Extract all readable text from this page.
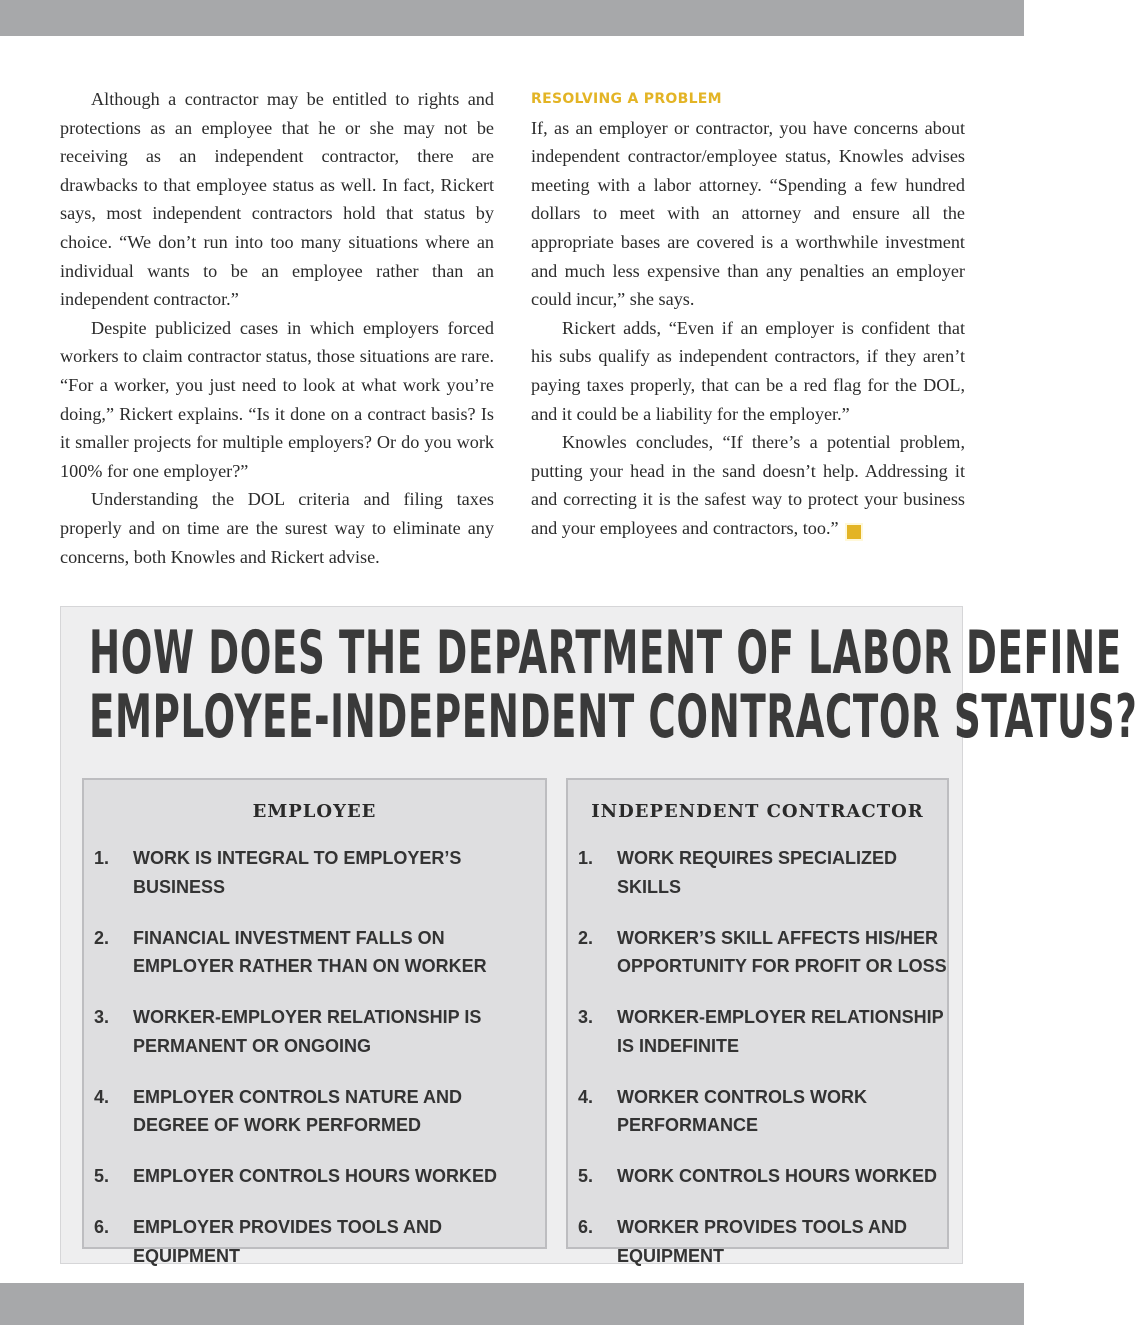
Although a contractor may be entitled to rights and protections as an employee that he or she may not be receiving as an independent contractor, there are drawbacks to that employee status as well. In fact, Rickert says, most independent contractors hold that status by choice. “We don’t run into too many situations where an individual wants to be an employee rather than an independent contractor.”

Despite publicized cases in which employers forced workers to claim contractor status, those situations are rare. “For a worker, you just need to look at what work you’re doing,” Rickert explains. “Is it done on a contract basis? Is it smaller projects for multiple employers? Or do you work 100% for one employer?”

Understanding the DOL criteria and filing taxes properly and on time are the surest way to eliminate any concerns, both Knowles and Rickert advise.

RESOLVING A PROBLEM

If, as an employer or contractor, you have concerns about independent contractor/employee status, Knowles advises meeting with a labor attorney. “Spending a few hundred dollars to meet with an attorney and ensure all the appropriate bases are covered is a worthwhile investment and much less expensive than any penalties an employer could incur,” she says.

Rickert adds, “Even if an employer is confident that his subs qualify as independent contractors, if they aren’t paying taxes properly, that can be a red flag for the DOL, and it could be a liability for the employer.”

Knowles concludes, “If there’s a potential problem, putting your head in the sand doesn’t help. Addressing it and correcting it is the safest way to protect your business and your employees and contractors, too.”	B

HOW DOES THE DEPARTMENT OF LABOR DEFINE
EMPLOYEE-INDEPENDENT CONTRACTOR STATUS?
EMPLOYEE
1.	WORK IS INTEGRAL TO EMPLOYER’S BUSINESS
2.	FINANCIAL INVESTMENT FALLS ON EMPLOYER RATHER THAN ON WORKER
3.	WORKER-EMPLOYER RELATIONSHIP IS PERMANENT OR ONGOING
4.	EMPLOYER CONTROLS NATURE AND DEGREE OF WORK PERFORMED
5.	EMPLOYER CONTROLS HOURS WORKED
6.	EMPLOYER PROVIDES TOOLS AND EQUIPMENT
INDEPENDENT CONTRACTOR
1.	WORK REQUIRES SPECIALIZED SKILLS
2.	WORKER’S SKILL AFFECTS HIS/HER OPPORTUNITY FOR PROFIT OR LOSS
3.	WORKER-EMPLOYER RELATIONSHIP IS INDEFINITE
4.	WORKER CONTROLS WORK PERFORMANCE
5.	WORK CONTROLS HOURS WORKED
6.	WORKER PROVIDES TOOLS AND EQUIPMENT
